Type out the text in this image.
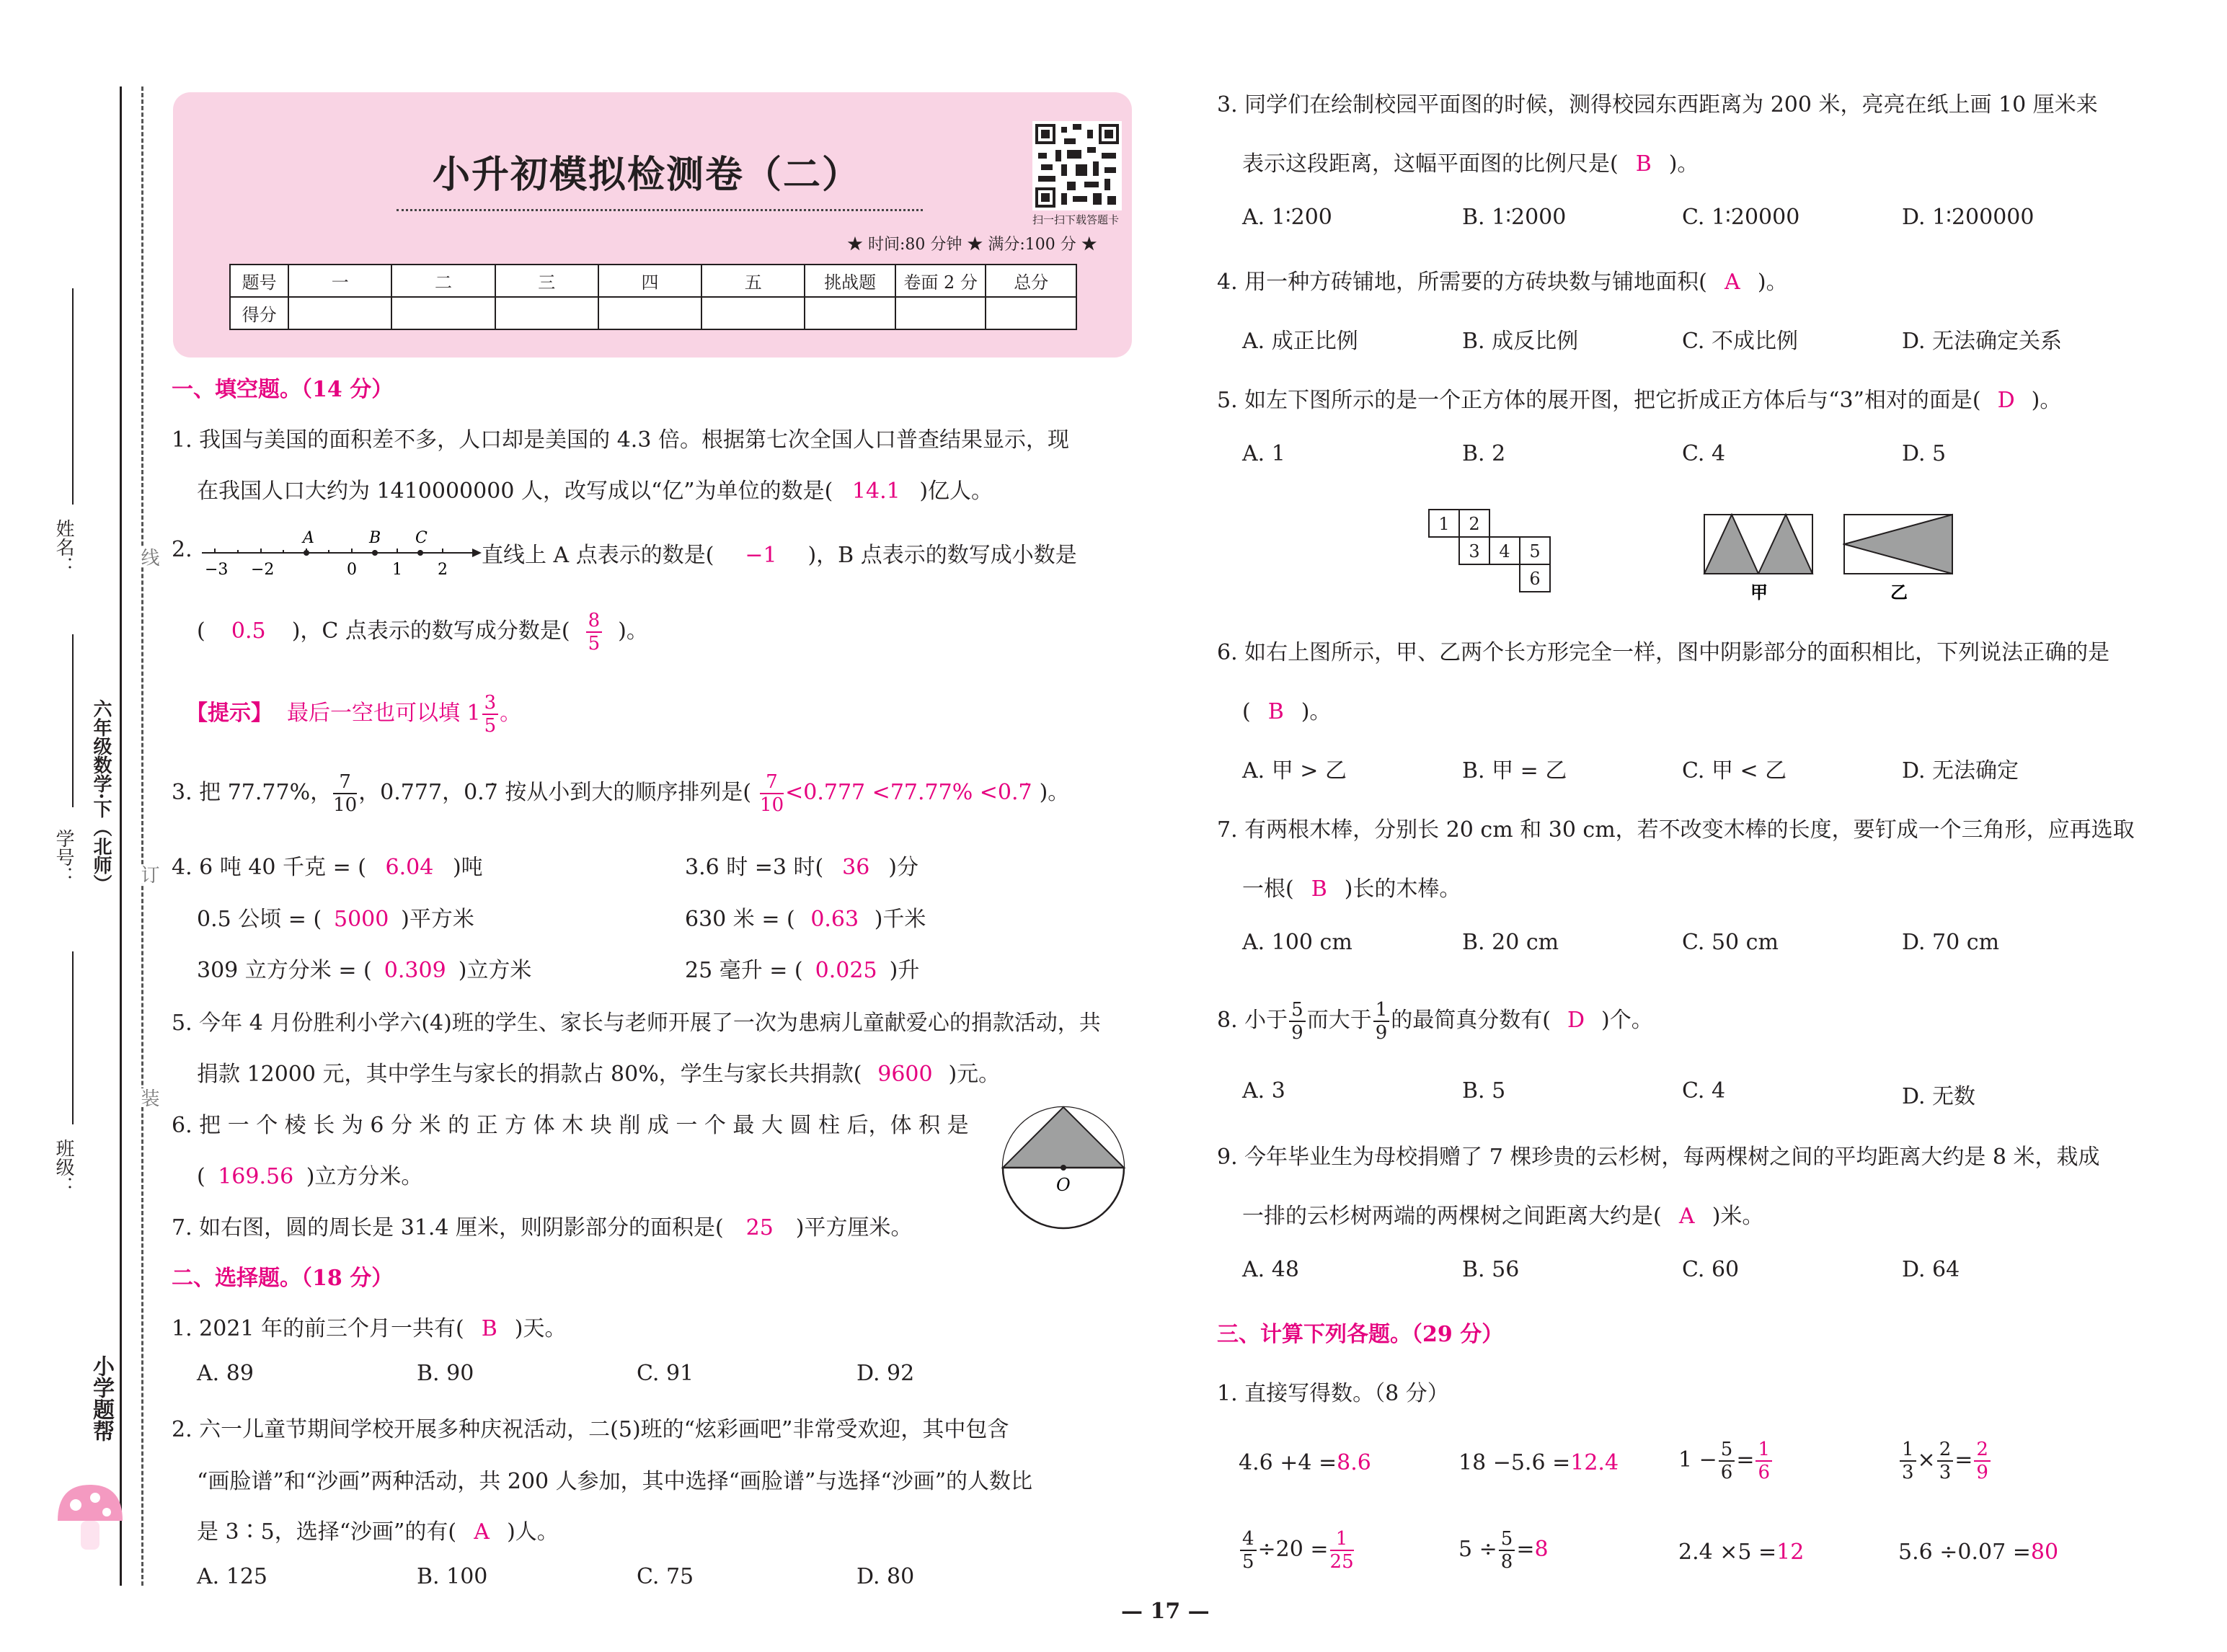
线
订
装
姓名：
学号： 六年级数学·下（北师）
班级：
小学题帮
小升初模拟检测卷（二）
扫一扫下载答题卡
★ 时间:80 分钟 ★ 满分:100 分 ★
题号	一	二	三	四	五	挑战题	卷面 2 分	总分
得分								
一、填空题。（14 分）
1. 我国与美国的面积差不多，人口却是美国的 4.3 倍。根据第七次全国人口普查结果显示，现
在我国人口大约为 1410000000 人，改写成以“亿”为单位的数是( 14.1 )亿人。
2.	A	B C
−3 −2	0 1 2
直线上 A 点表示的数是( −1 )，B 点表示的数写成小数是
( 0.5 )，C 点表示的数写成分数是( $\frac{8}{5}$ )。
【提示】 最后一空也可以填 $1 \frac{3}{5}$ 。
3. 把 77.77%， $\frac{7}{10}$ ，0.777，0.7̇ 按从小到大的顺序排列是( $\frac{7}{10} <0.777 <77.77\%$ <0.7̇ )。
4. 6 吨 40 千克 = ( 6.04 )吨	3.6 时 =3 时( 36 )分
0.5 公顷 = ( 5000 )平方米	630 米 = ( 0.63 )千米
309 立方分米 = ( 0.309 )立方米	25 毫升 = ( 0.025 )升
5. 今年 4 月份胜利小学六(4)班的学生、家长与老师开展了一次为患病儿童献爱心的捐款活动，共
捐款 12000 元，其中学生与家长的捐款占 80%，学生与家长共捐款( 9600 )元。
6. 把 一 个 棱 长 为 6 分 米 的 正 方 体 木 块 削 成 一 个 最 大 圆 柱 后，体 积 是
( 169.56 )立方分米。	O
7. 如右图，圆的周长是 31.4 厘米，则阴影部分的面积是( 25 )平方厘米。
二、选择题。（18 分）
1. 2021 年的前三个月一共有( B )天。
A. 89	B. 90	C. 91	D. 92
2. 六一儿童节期间学校开展多种庆祝活动，二(5)班的“炫彩画吧”非常受欢迎，其中包含
“画脸谱”和“沙画”两种活动，共 200 人参加，其中选择“画脸谱”与选择“沙画”的人数比
是 3∶5，选择“沙画”的有( A )人。
A. 125	B. 100	C. 75	D. 80
3. 同学们在绘制校园平面图的时候，测得校园东西距离为 200 米，亮亮在纸上画 10 厘米来
表示这段距离，这幅平面图的比例尺是( B )。
A. 1∶200	B. 1∶2000	C. 1∶20000	D. 1∶200000
4. 用一种方砖铺地，所需要的方砖块数与铺地面积( A )。
A. 成正比例	B. 成反比例	C. 不成比例	D. 无法确定关系
5. 如左下图所示的是一个正方体的展开图，把它折成正方体后与“3”相对的面是( D )。
A. 1	B. 2	C. 4	D. 5
1 2
3 4 5
6
甲	乙
6. 如右上图所示，甲、乙两个长方形完全一样，图中阴影部分的面积相比，下列说法正确的是
( B )。
A. 甲 > 乙	B. 甲 = 乙	C. 甲 < 乙	D. 无法确定
7. 有两根木棒，分别长 20 cm 和 30 cm，若不改变木棒的长度，要钉成一个三角形，应再选取
一根( B )长的木棒。
A. 100 cm	B. 20 cm	C. 50 cm	D. 70 cm
8. 小于 $\frac{5}{9}$ 而大于 $\frac{1}{9}$ 的最简真分数有( D )个。
A. 3	B. 5	C. 4	D. 无数
9. 今年毕业生为母校捐赠了 7 棵珍贵的云杉树，每两棵树之间的平均距离大约是 8 米，栽成
一排的云杉树两端的两棵树之间距离大约是( A )米。
A. 48	B. 56	C. 60	D. 64
三、计算下列各题。（29 分）
1. 直接写得数。（8 分）
4.6 +4 =8.6	18 −5.6 =12.4	$1 - \frac{5}{6} = \frac{1}{6}$	$\frac{1}{3} \times \frac{2}{3} = \frac{2}{9}$
$\frac{4}{5} \div 20 = \frac{1}{25}$	$5 \div \frac{5}{8} =8$	2.4 ×5 =12	5.6 ÷0.07 =80
— 17 —
